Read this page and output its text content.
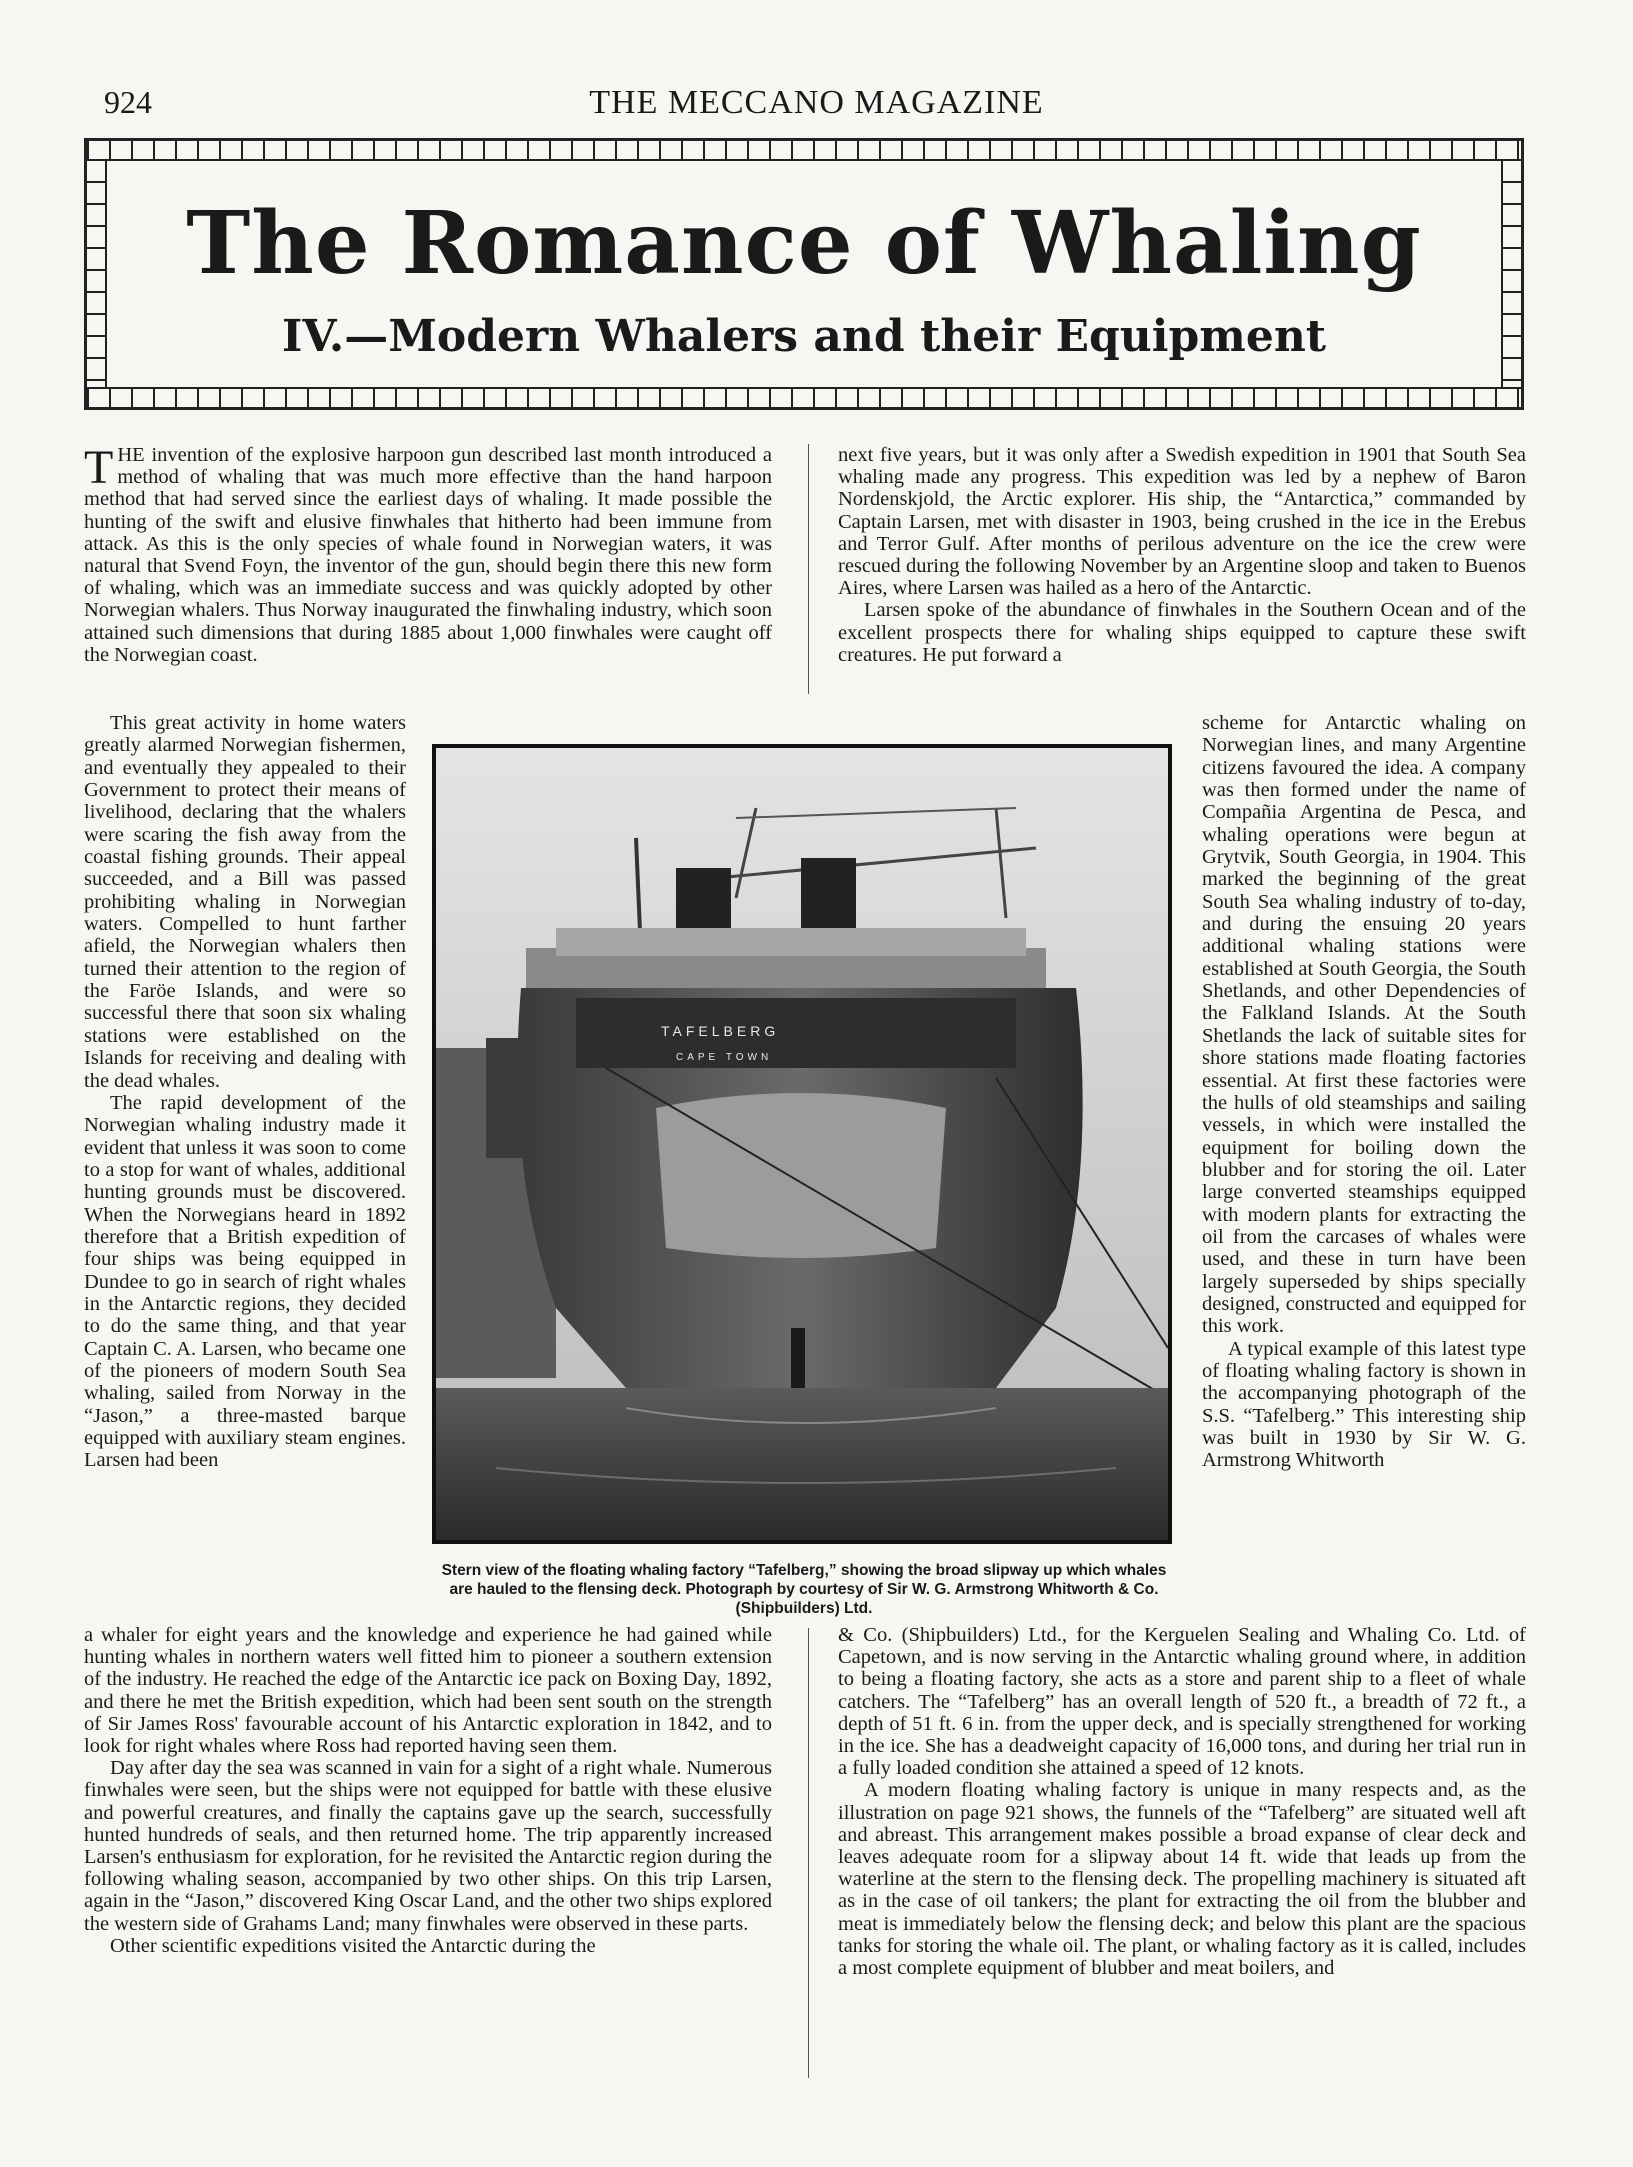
924	THE MECCANO MAGAZINE
The Romance of Whaling
IV.—Modern Whalers and their Equipment

THE invention of the explosive harpoon gun described last month introduced a method of whaling that was much more effective than the hand harpoon method that had served since the earliest days of whaling. It made possible the hunting of the swift and elusive finwhales that hitherto had been immune from attack. As this is the only species of whale found in Norwegian waters, it was natural that Svend Foyn, the inventor of the gun, should begin there this new form of whaling, which was an immediate success and was quickly adopted by other Norwegian whalers. Thus Norway inaugurated the finwhaling industry, which soon attained such dimensions that during 1885 about 1,000 finwhales were caught off the Norwegian coast.

next five years, but it was only after a Swedish expedition in 1901 that South Sea whaling made any progress. This expedition was led by a nephew of Baron Nordenskjold, the Arctic explorer. His ship, the “Antarctica,” commanded by Captain Larsen, met with disaster in 1903, being crushed in the ice in the Erebus and Terror Gulf. After months of perilous adventure on the ice the crew were rescued during the following November by an Argentine sloop and taken to Buenos Aires, where Larsen was hailed as a hero of the Antarctic.

Larsen spoke of the abundance of finwhales in the Southern Ocean and of the excellent prospects there for whaling ships equipped to capture these swift creatures. He put forward a

This great activity in home waters greatly alarmed Norwegian fishermen, and eventually they appealed to their Government to protect their means of livelihood, declaring that the whalers were scaring the fish away from the coastal fishing grounds. Their appeal succeeded, and a Bill was passed prohibiting whaling in Norwegian waters. Compelled to hunt farther afield, the Norwegian whalers then turned their attention to the region of the Faröe Islands, and were so successful there that soon six whaling stations were established on the Islands for receiving and dealing with the dead whales.

The rapid development of the Norwegian whaling industry made it evident that unless it was soon to come to a stop for want of whales, additional hunting grounds must be discovered. When the Norwegians heard in 1892 therefore that a British expedition of four ships was being equipped in Dundee to go in search of right whales in the Antarctic regions, they decided to do the same thing, and that year Captain C. A. Larsen, who became one of the pioneers of modern South Sea whaling, sailed from Norway in the “Jason,” a three-masted barque equipped with auxiliary steam engines. Larsen had been

TAFELBERG
CAPE TOWN
Stern view of the floating whaling factory “Tafelberg,” showing the broad slipway up which whales are hauled to the flensing deck. Photograph by courtesy of Sir W. G. Armstrong Whitworth & Co. (Shipbuilders) Ltd.

scheme for Antarctic whaling on Norwegian lines, and many Argentine citizens favoured the idea. A company was then formed under the name of Compañia Argentina de Pesca, and whaling operations were begun at Grytvik, South Georgia, in 1904. This marked the beginning of the great South Sea whaling industry of to-day, and during the ensuing 20 years additional whaling stations were established at South Georgia, the South Shetlands, and other Dependencies of the Falkland Islands. At the South Shetlands the lack of suitable sites for shore stations made floating factories essential. At first these factories were the hulls of old steamships and sailing vessels, in which were installed the equipment for boiling down the blubber and for storing the oil. Later large converted steamships equipped with modern plants for extracting the oil from the carcases of whales were used, and these in turn have been largely superseded by ships specially designed, constructed and equipped for this work.

A typical example of this latest type of floating whaling factory is shown in the accompanying photograph of the S.S. “Tafelberg.” This interesting ship was built in 1930 by Sir W. G. Armstrong Whitworth

a whaler for eight years and the knowledge and experience he had gained while hunting whales in northern waters well fitted him to pioneer a southern extension of the industry. He reached the edge of the Antarctic ice pack on Boxing Day, 1892, and there he met the British expedition, which had been sent south on the strength of Sir James Ross' favourable account of his Antarctic exploration in 1842, and to look for right whales where Ross had reported having seen them.

Day after day the sea was scanned in vain for a sight of a right whale. Numerous finwhales were seen, but the ships were not equipped for battle with these elusive and powerful creatures, and finally the captains gave up the search, successfully hunted hundreds of seals, and then returned home. The trip apparently increased Larsen's enthusiasm for exploration, for he revisited the Antarctic region during the following whaling season, accompanied by two other ships. On this trip Larsen, again in the “Jason,” discovered King Oscar Land, and the other two ships explored the western side of Grahams Land; many finwhales were observed in these parts.

Other scientific expeditions visited the Antarctic during the

& Co. (Shipbuilders) Ltd., for the Kerguelen Sealing and Whaling Co. Ltd. of Capetown, and is now serving in the Antarctic whaling ground where, in addition to being a floating factory, she acts as a store and parent ship to a fleet of whale catchers. The “Tafelberg” has an overall length of 520 ft., a breadth of 72 ft., a depth of 51 ft. 6 in. from the upper deck, and is specially strengthened for working in the ice. She has a deadweight capacity of 16,000 tons, and during her trial run in a fully loaded condition she attained a speed of 12 knots.

A modern floating whaling factory is unique in many respects and, as the illustration on page 921 shows, the funnels of the “Tafelberg” are situated well aft and abreast. This arrangement makes possible a broad expanse of clear deck and leaves adequate room for a slipway about 14 ft. wide that leads up from the waterline at the stern to the flensing deck. The propelling machinery is situated aft as in the case of oil tankers; the plant for extracting the oil from the blubber and meat is immediately below the flensing deck; and below this plant are the spacious tanks for storing the whale oil. The plant, or whaling factory as it is called, includes a most complete equipment of blubber and meat boilers, and
